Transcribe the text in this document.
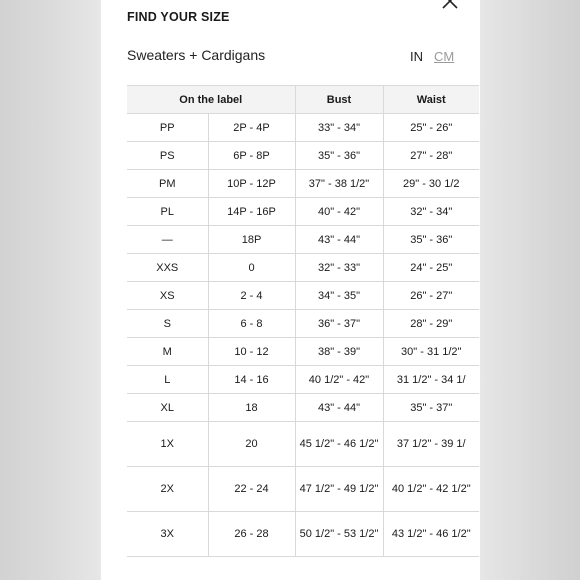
FIND YOUR SIZE
Sweaters + Cardigans	IN CM
On the label		Bust	Waist
PP	2P - 4P	33" - 34"	25" - 26"
PS	6P - 8P	35" - 36"	27" - 28"
PM	10P - 12P	37" - 38 1/2"	29" - 30 1/2
PL	14P - 16P	40" - 42"	32" - 34"
—	18P	43" - 44"	35" - 36"
XXS	0	32" - 33"	24" - 25"
XS	2 - 4	34" - 35"	26" - 27"
S	6 - 8	36" - 37"	28" - 29"
M	10 - 12	38" - 39"	30" - 31 1/2"
L	14 - 16	40 1/2" - 42"	31 1/2" - 34 1/
XL	18	43" - 44"	35" - 37"
1X	20	45 1/2" - 46 1/2"	37 1/2" - 39 1/
2X	22 - 24	47 1/2" - 49 1/2"	40 1/2" - 42 1/2"
3X	26 - 28	50 1/2" - 53 1/2"	43 1/2" - 46 1/2"
